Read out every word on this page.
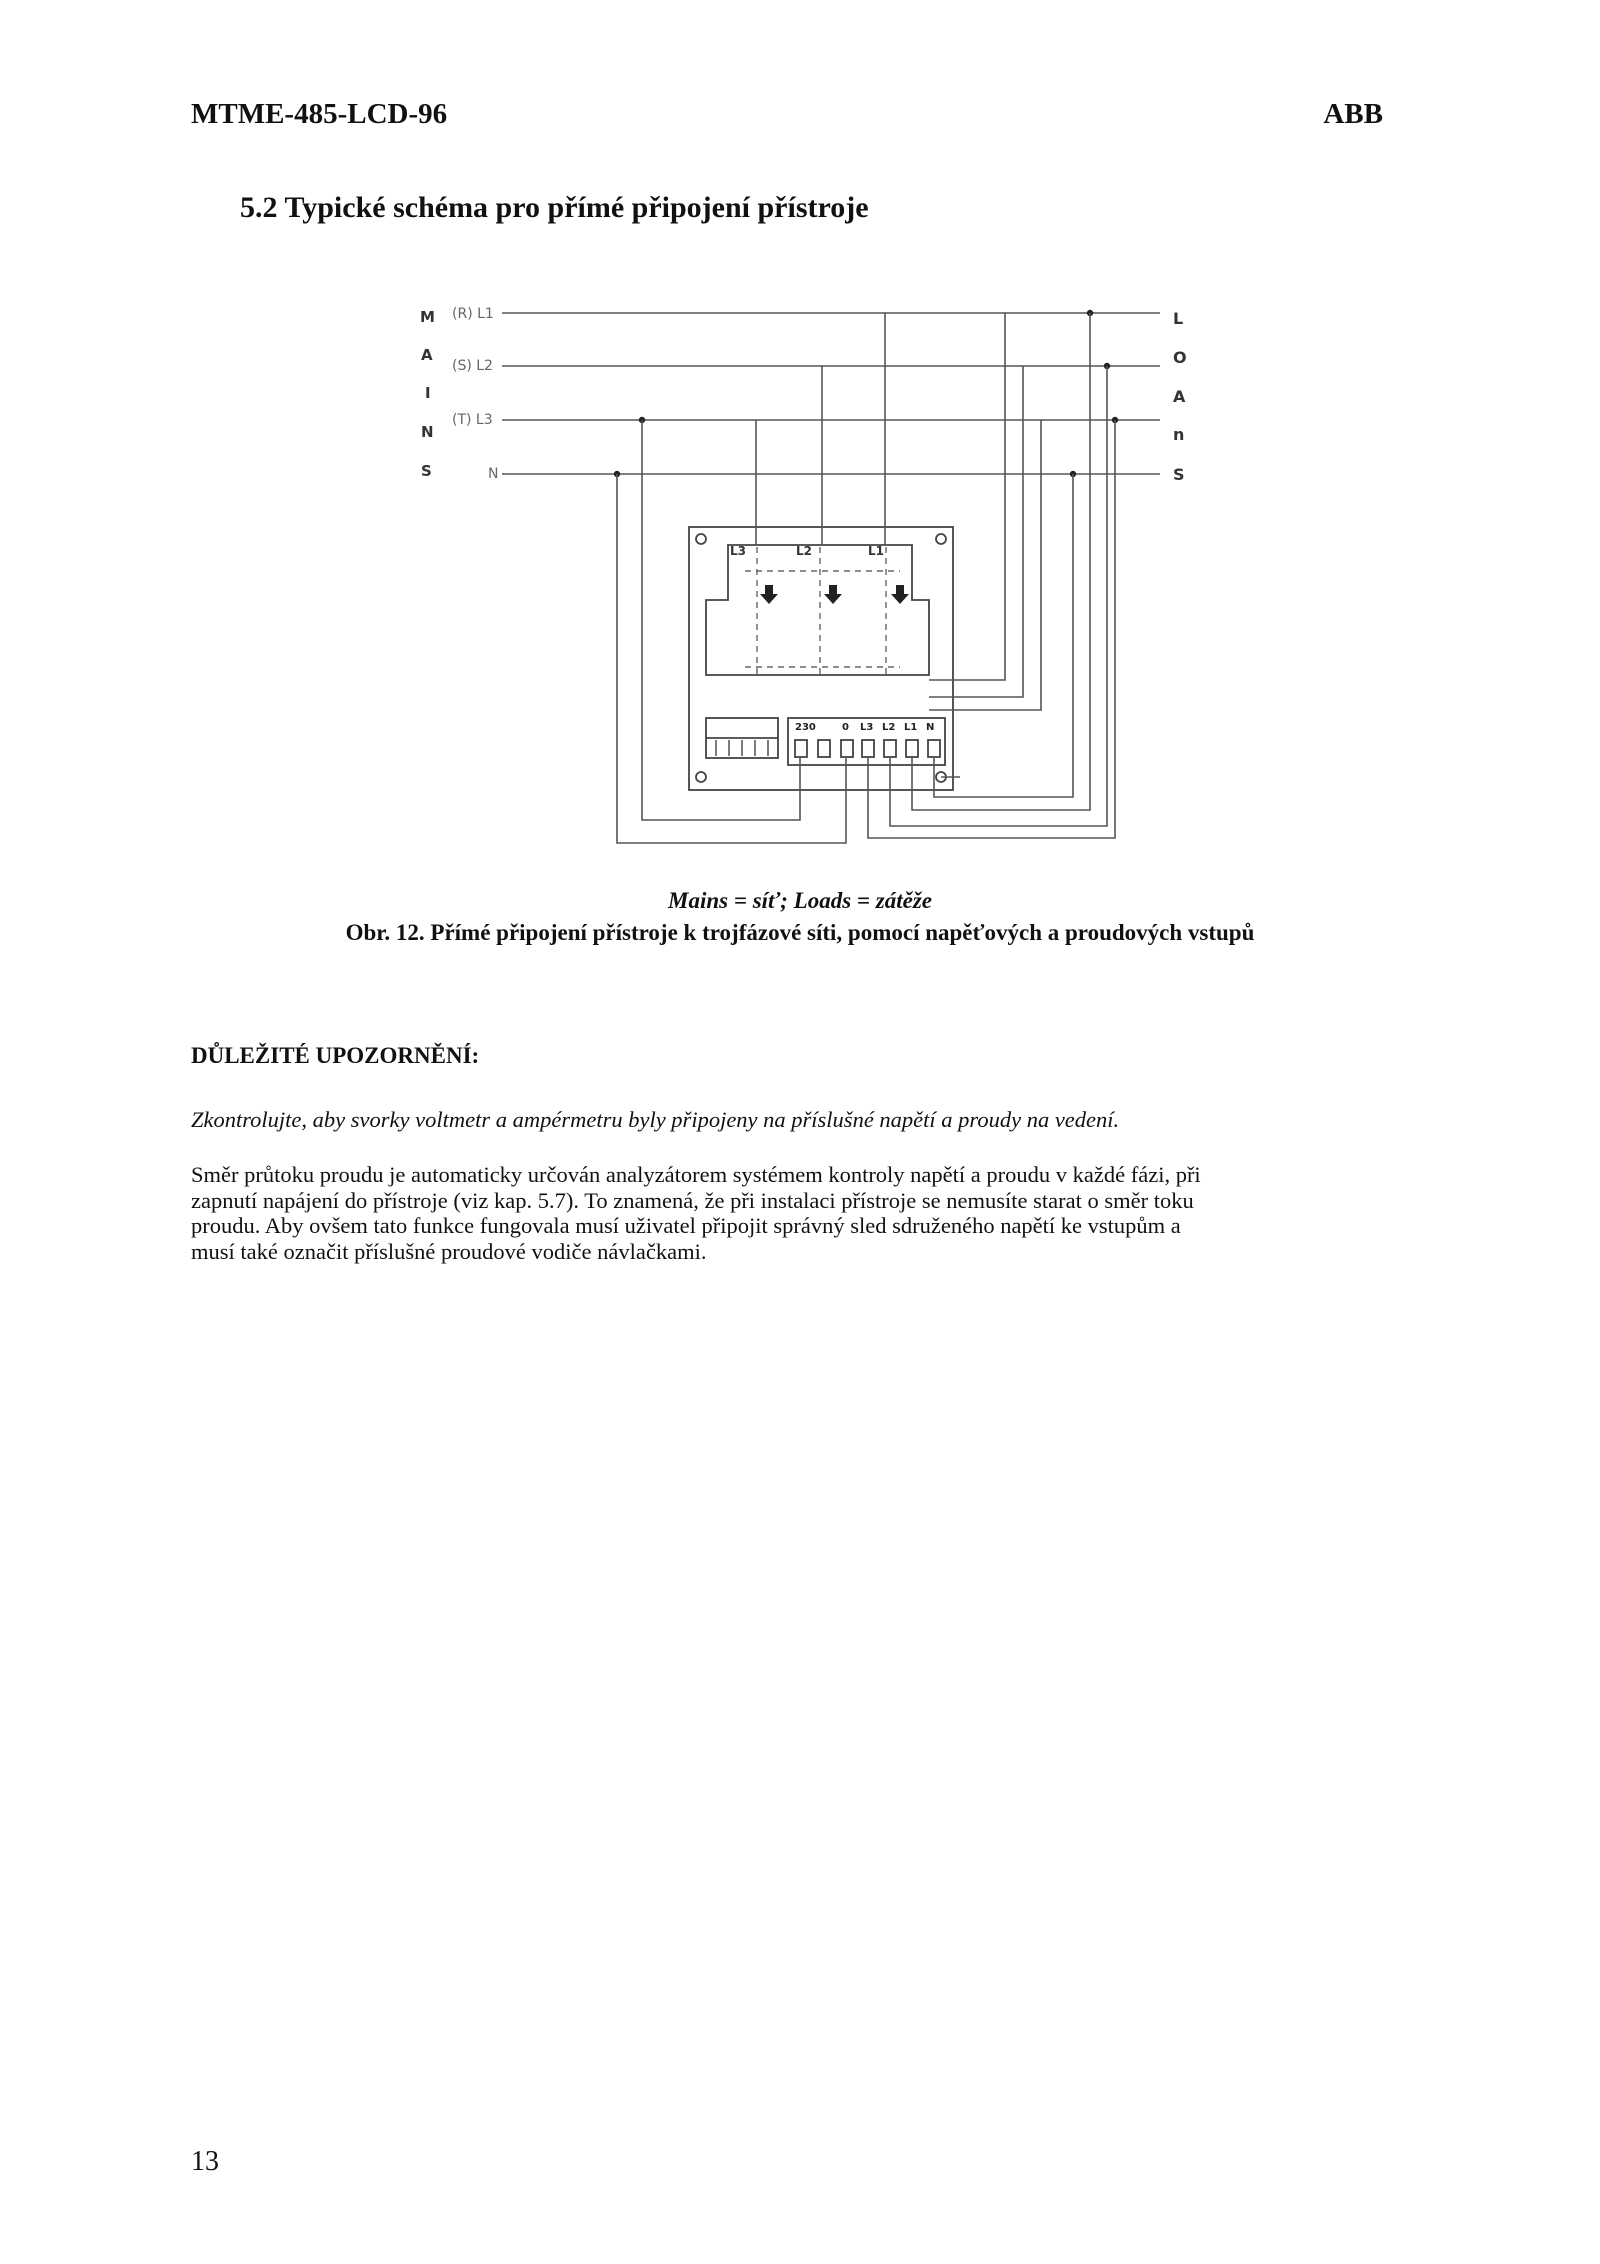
MTME-485-LCD-96	ABB
5.2 Typické schéma pro přímé připojení přístroje
M
A
I
N
S
(R) L1
(S) L2
(T) L3
N
L
O
A
n
S
L3	L2	L1
230	0 L3 L2 L1 N
Mains = síť; Loads = zátěže
Obr. 12. Přímé připojení přístroje k trojfázové síti, pomocí napěťových a proudových vstupů
DŮLEŽITÉ UPOZORNĚNÍ:
Zkontrolujte, aby svorky voltmetr a ampérmetru byly připojeny na příslušné napětí a proudy na vedení.
Směr průtoku proudu je automaticky určován analyzátorem systémem kontroly napětí a proudu v každé fázi, při
zapnutí napájení do přístroje (viz kap. 5.7). To znamená, že při instalaci přístroje se nemusíte starat o směr toku
proudu. Aby ovšem tato funkce fungovala musí uživatel připojit správný sled sdruženého napětí ke vstupům a
musí také označit příslušné proudové vodiče návlačkami.
13
